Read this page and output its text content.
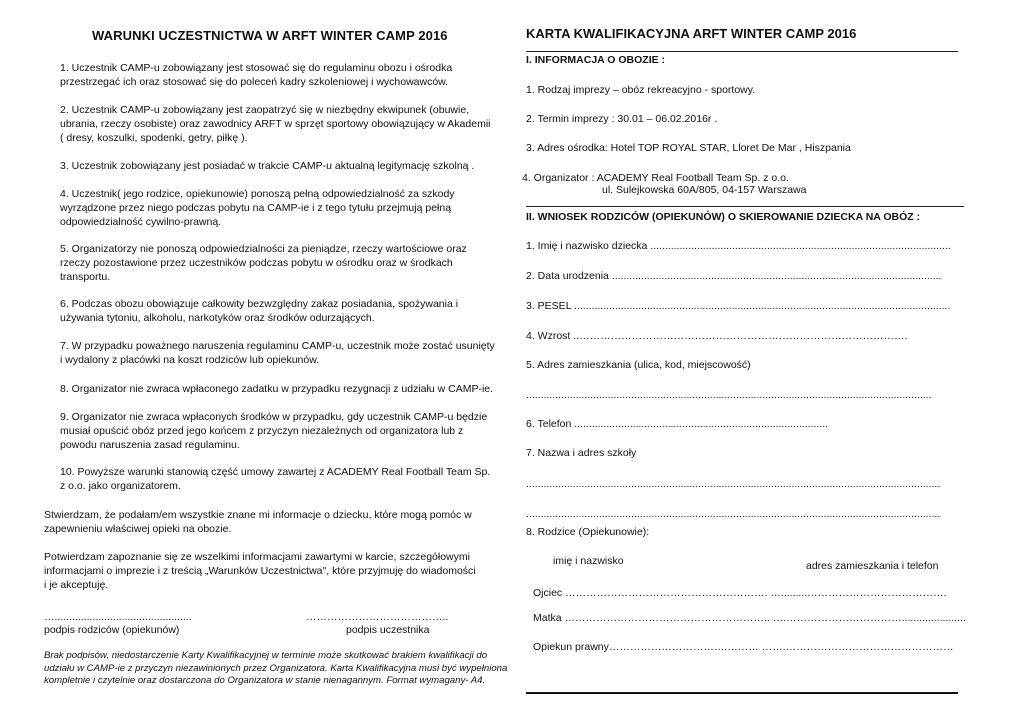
WARUNKI UCZESTNICTWA W ARFT WINTER CAMP 2016
1. Uczestnik CAMP-u zobowiązany jest stosować się do regulaminu obozu i ośrodka
przestrzegać ich oraz stosować się do poleceń kadry szkoleniowej i wychowawców.
2. Uczestnik CAMP-u zobowiązany jest zaopatrzyć się w niezbędny ekwipunek (obuwie,
ubrania, rzeczy osobiste) oraz zawodnicy ARFT w sprzęt sportowy obowiązujący w Akademii
( dresy, koszulki, spodenki, getry, piłkę ).
3. Uczestnik zobowiązany jest posiadać w trakcie CAMP-u aktualną legitymację szkolną .
4. Uczestnik( jego rodzice, opiekunowie) ponoszą pełną odpowiedzialność za szkody
wyrządzone przez niego podczas pobytu na CAMP-ie i z tego tytułu przejmują pełną
odpowiedzialność cywilno-prawną.
5. Organizatorzy nie ponoszą odpowiedzialności za pieniądze, rzeczy wartościowe oraz
rzeczy pozostawione przez uczestników podczas pobytu w ośrodku oraz w środkach
transportu.
6. Podczas obozu obowiązuje całkowity bezwzględny zakaz posiadania, spożywania i
używania tytoniu, alkoholu, narkotyków oraz środków odurzających.
7. W przypadku poważnego naruszenia regulaminu CAMP-u, uczestnik może zostać usunięty
i wydalony z placówki na koszt rodziców lub opiekunów.
8. Organizator nie zwraca wpłaconego zadatku w przypadku rezygnacji z udziału w CAMP-ie.
9. Organizator nie zwraca wpłaconych środków w przypadku, gdy uczestnik CAMP-u będzie
musiał opuścić obóz przed jego końcem z przyczyn niezależnych od organizatora lub z
powodu naruszenia zasad regulaminu.
10. Powyższe warunki stanowią część umowy zawartej z ACADEMY Real Football Team Sp.
z o.o. jako organizatorem.
Stwierdzam, że podałam/em wszystkie znane mi informacje o dziecku, które mogą pomóc w
zapewnieniu właściwej opieki na obozie.
Potwierdzam zapoznanie się ze wszelkimi informacjami zawartymi w karcie, szczegółowymi
informacjami o imprezie i z treścią „Warunków Uczestnictwa", które przyjmuję do wiadomości
i je akceptuję.
…...............................................	…………………………………..
podpis rodziców (opiekunów)	podpis uczestnika
Brak podpisów, niedostarczenie Karty Kwalifikacyjnej w terminie może skutkować brakiem kwalifikacji do
udziału w CAMP-ie z przyczyn niezawinionych przez Organizatora. Karta Kwalifikacyjna musi być wypełniona
kompletnie i czytelnie oraz dostarczona do Organizatora w stanie nienagannym. Format wymagany- A4.
KARTA KWALIFIKACYJNA ARFT WINTER CAMP 2016
I. INFORMACJA O OBOZIE :
1. Rodzaj imprezy – obóz rekreacyjno - sportowy.
2. Termin imprezy : 30.01 – 06.02.2016r .
3. Adres ośrodka: Hotel TOP ROYAL STAR, Lloret De Mar , Hiszpania
4. Organizator : ACADEMY Real Football Team Sp. z o.o.
ul. Sulejkowska 60A/805, 04-157 Warszawa
II. WNIOSEK RODZICÓW (OPIEKUNÓW) O SKIEROWANIE DZIECKA NA OBÓZ :
1. Imię i nazwisko dziecka .......................................................................................................
2. Data urodzenia .................................................................................................................
3. PESEL .................................................................................................................................
4. Wzrost ..………………………………………………………………………………….
5. Adres zamieszkania (ulica, kod, miejscowość)
...........................................................................................................................................
6. Telefon .......................................................................................
7. Nazwa i adres szkoły
..............................................................................................................................................
..............................................................................................................................................
8. Rodzice (Opiekunowie):
imię i nazwisko	adres zamieszkania i telefon
Ojciec …………………………………………………. ….........………………………………….
Matka ………………………………………………….. ….……………………………......................
Opiekun prawny…………………………….……… …….…………………………………………
